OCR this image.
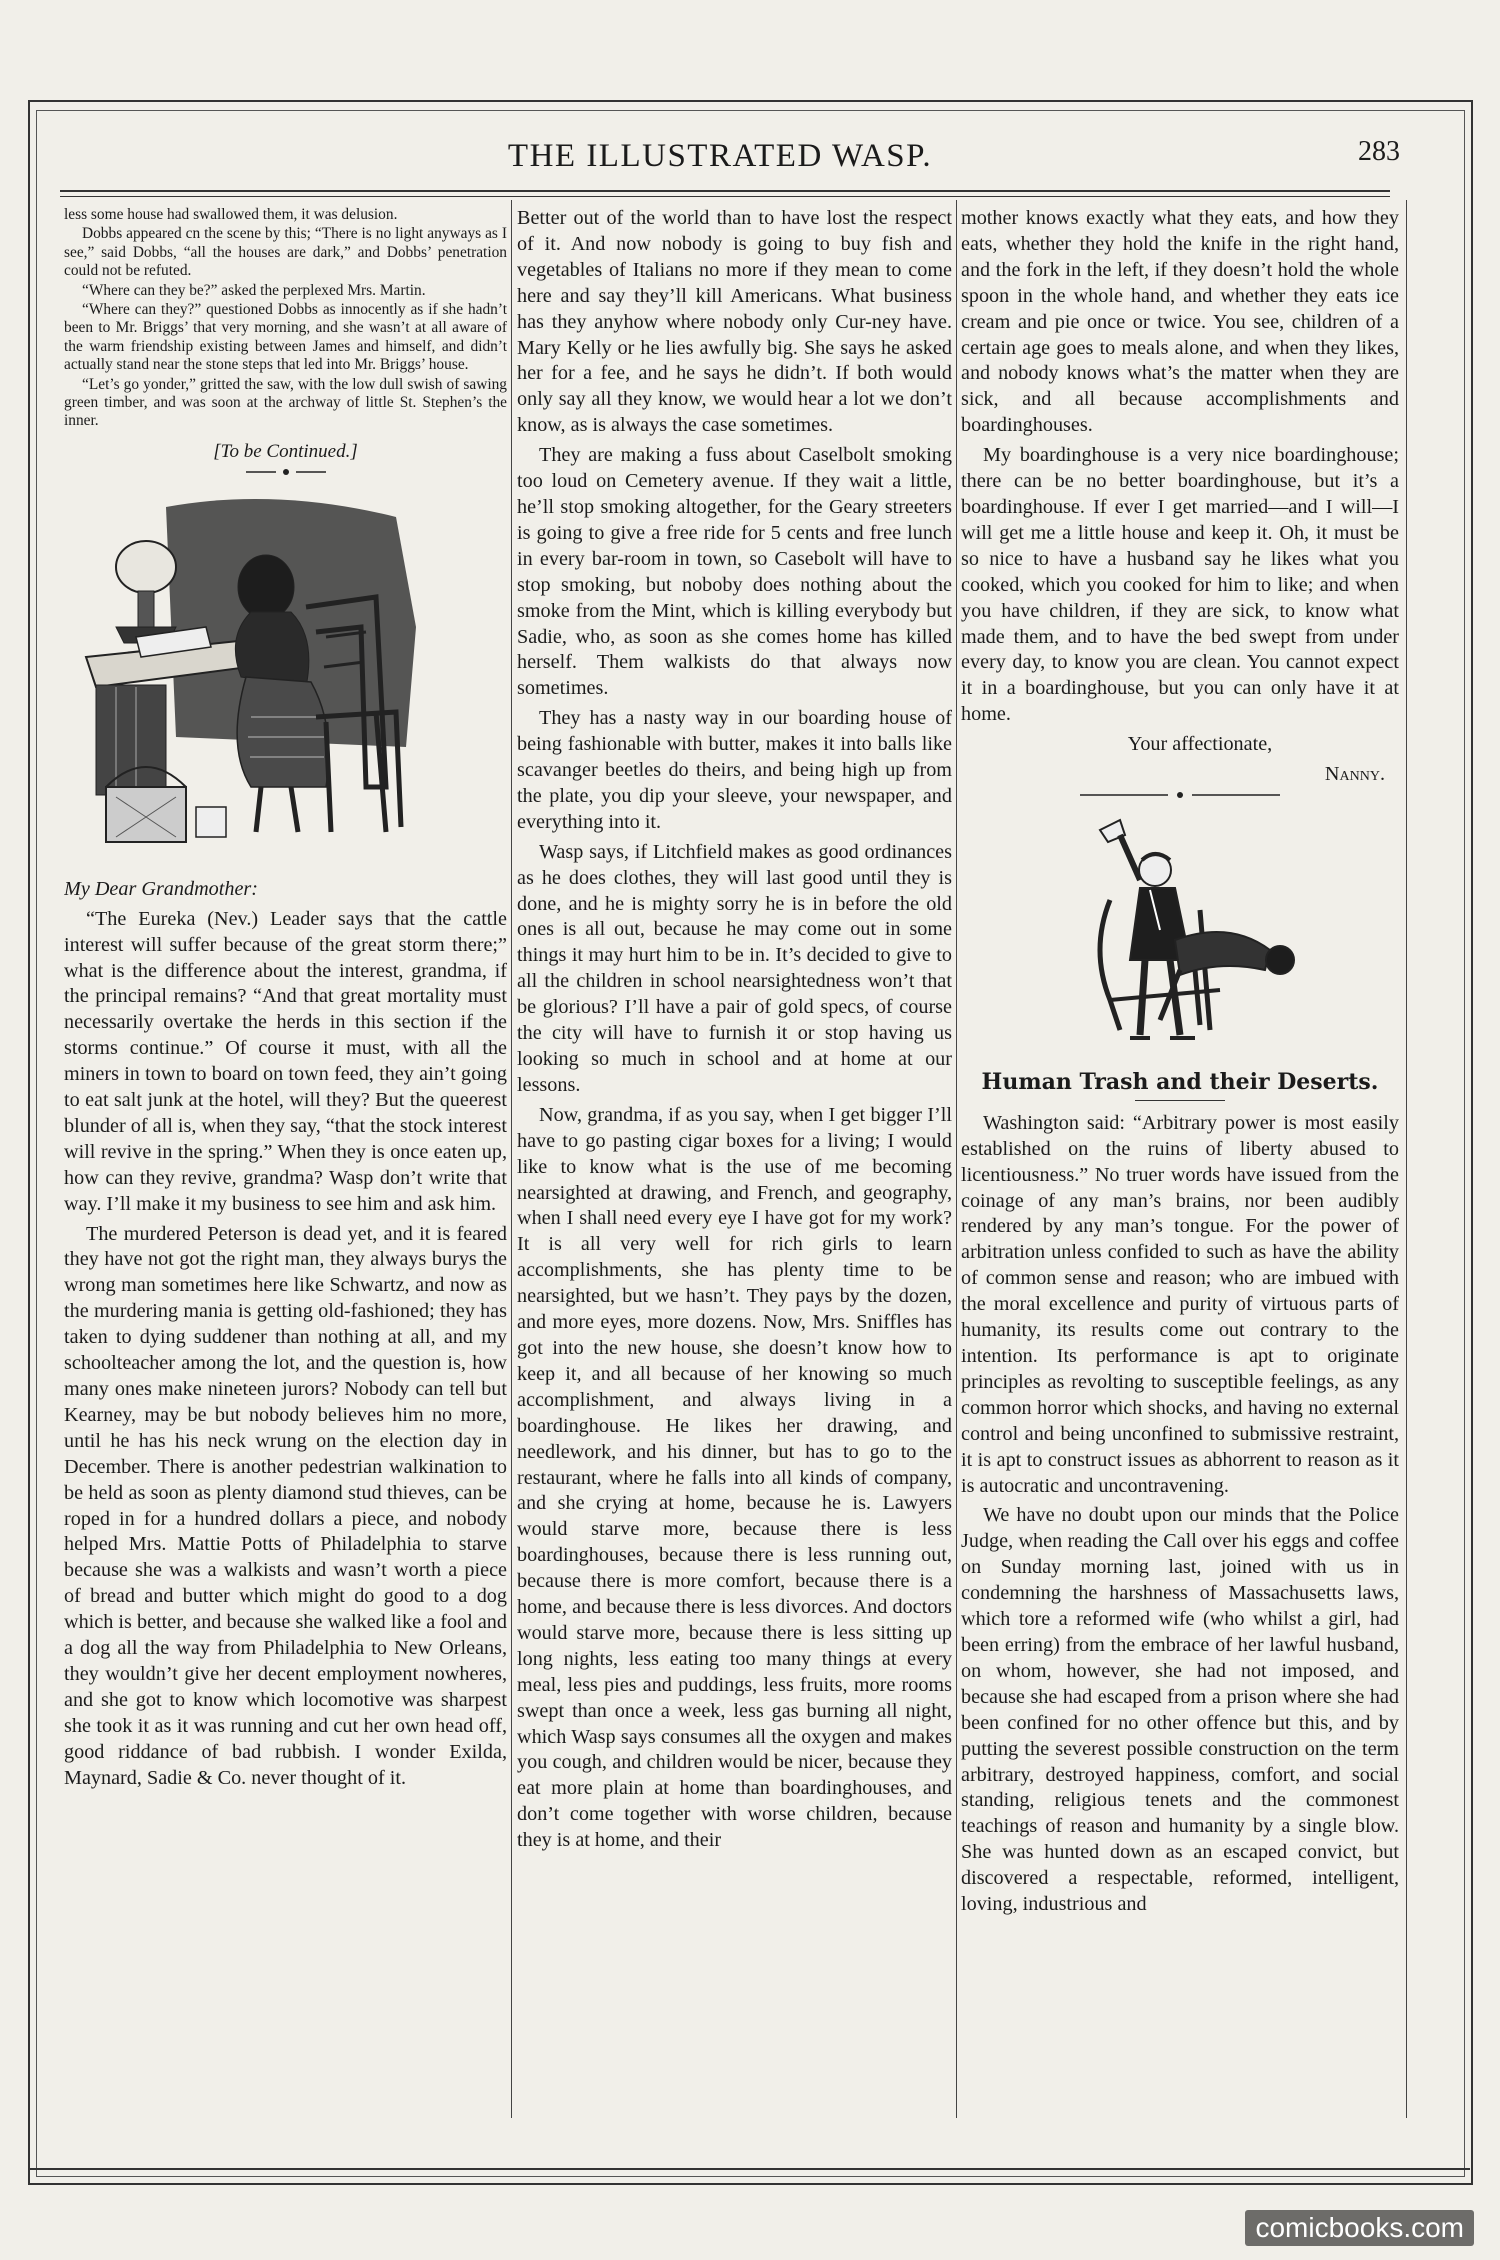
THE ILLUSTRATED WASP.	283

less some house had swallowed them, it was delusion.

Dobbs appeared cn the scene by this; “There is no light anyways as I see,” said Dobbs, “all the houses are dark,” and Dobbs’ penetration could not be refuted.

“Where can they be?” asked the perplexed Mrs. Martin.

“Where can they?” questioned Dobbs as innocently as if she hadn’t been to Mr. Briggs’ that very morning, and she wasn’t at all aware of the warm friendship existing between James and himself, and didn’t actually stand near the stone steps that led into Mr. Briggs’ house.

“Let’s go yonder,” gritted the saw, with the low dull swish of sawing green timber, and was soon at the archway of little St. Stephen’s the inner.

[To be Continued.]

My Dear Grandmother:

“The Eureka (Nev.) Leader says that the cattle interest will suffer because of the great storm there;” what is the difference about the interest, grandma, if the principal remains? “And that great mortality must necessarily overtake the herds in this section if the storms continue.” Of course it must, with all the miners in town to board on town feed, they ain’t going to eat salt junk at the hotel, will they? But the queerest blunder of all is, when they say, “that the stock interest will revive in the spring.” When they is once eaten up, how can they revive, grandma? Wasp don’t write that way. I’ll make it my business to see him and ask him.

The murdered Peterson is dead yet, and it is feared they have not got the right man, they always burys the wrong man sometimes here like Schwartz, and now as the murdering mania is getting old-fashioned; they has taken to dying suddener than nothing at all, and my schoolteacher among the lot, and the question is, how many ones make nineteen jurors? Nobody can tell but Kearney, may be but nobody believes him no more, until he has his neck wrung on the election day in December. There is another pedestrian walkination to be held as soon as plenty diamond stud thieves, can be roped in for a hundred dollars a piece, and nobody helped Mrs. Mattie Potts of Philadelphia to starve because she was a walkists and wasn’t worth a piece of bread and butter which might do good to a dog which is better, and because she walked like a fool and a dog all the way from Philadelphia to New Orleans, they wouldn’t give her decent employment nowheres, and she got to know which locomotive was sharpest she took it as it was running and cut her own head off, good riddance of bad rubbish. I wonder Exilda, Maynard, Sadie & Co. never thought of it.

Better out of the world than to have lost the respect of it. And now nobody is going to buy fish and vegetables of Italians no more if they mean to come here and say they’ll kill Americans. What business has they anyhow where nobody only Cur-ney have. Mary Kelly or he lies awfully big. She says he asked her for a fee, and he says he didn’t. If both would only say all they know, we would hear a lot we don’t know, as is always the case sometimes.

They are making a fuss about Caselbolt smoking too loud on Cemetery avenue. If they wait a little, he’ll stop smoking altogether, for the Geary streeters is going to give a free ride for 5 cents and free lunch in every bar-room in town, so Casebolt will have to stop smoking, but noboby does nothing about the smoke from the Mint, which is killing everybody but Sadie, who, as soon as she comes home has killed herself. Them walkists do that always now sometimes.

They has a nasty way in our boarding house of being fashionable with butter, makes it into balls like scavanger beetles do theirs, and being high up from the plate, you dip your sleeve, your newspaper, and everything into it.

Wasp says, if Litchfield makes as good ordinances as he does clothes, they will last good until they is done, and he is mighty sorry he is in before the old ones is all out, because he may come out in some things it may hurt him to be in. It’s decided to give to all the children in school nearsightedness won’t that be glorious? I’ll have a pair of gold specs, of course the city will have to furnish it or stop having us looking so much in school and at home at our lessons.

Now, grandma, if as you say, when I get bigger I’ll have to go pasting cigar boxes for a living; I would like to know what is the use of me becoming nearsighted at drawing, and French, and geography, when I shall need every eye I have got for my work? It is all very well for rich girls to learn accomplishments, she has plenty time to be nearsighted, but we hasn’t. They pays by the dozen, and more eyes, more dozens. Now, Mrs. Sniffles has got into the new house, she doesn’t know how to keep it, and all because of her knowing so much accomplishment, and always living in a boardinghouse. He likes her drawing, and needlework, and his dinner, but has to go to the restaurant, where he falls into all kinds of company, and she crying at home, because he is. Lawyers would starve more, because there is less boardinghouses, because there is less running out, because there is more comfort, because there is a home, and because there is less divorces. And doctors would starve more, because there is less sitting up long nights, less eating too many things at every meal, less pies and puddings, less fruits, more rooms swept than once a week, less gas burning all night, which Wasp says consumes all the oxygen and makes you cough, and children would be nicer, because they eat more plain at home than boardinghouses, and don’t come together with worse children, because they is at home, and their

mother knows exactly what they eats, and how they eats, whether they hold the knife in the right hand, and the fork in the left, if they doesn’t hold the whole spoon in the whole hand, and whether they eats ice cream and pie once or twice. You see, children of a certain age goes to meals alone, and when they likes, and nobody knows what’s the matter when they are sick, and all because accomplishments and boardinghouses.

My boardinghouse is a very nice boardinghouse; there can be no better boardinghouse, but it’s a boardinghouse. If ever I get married—and I will—I will get me a little house and keep it. Oh, it must be so nice to have a husband say he likes what you cooked, which you cooked for him to like; and when you have children, if they are sick, to know what made them, and to have the bed swept from under every day, to know you are clean. You cannot expect it in a boardinghouse, but you can only have it at home.

Your affectionate,

Nanny.

Human Trash and their Deserts.

Washington said: “Arbitrary power is most easily established on the ruins of liberty abused to licentiousness.” No truer words have issued from the coinage of any man’s brains, nor been audibly rendered by any man’s tongue. For the power of arbitration unless confided to such as have the ability of common sense and reason; who are imbued with the moral excellence and purity of virtuous parts of humanity, its results come out contrary to the intention. Its performance is apt to originate principles as revolting to susceptible feelings, as any common horror which shocks, and having no external control and being unconfined to submissive restraint, it is apt to construct issues as abhorrent to reason as it is autocratic and uncontravening.

We have no doubt upon our minds that the Police Judge, when reading the Call over his eggs and coffee on Sunday morning last, joined with us in condemning the harshness of Massachusetts laws, which tore a reformed wife (who whilst a girl, had been erring) from the embrace of her lawful husband, on whom, however, she had not imposed, and because she had escaped from a prison where she had been confined for no other offence but this, and by putting the severest possible construction on the term arbitrary, destroyed happiness, comfort, and social standing, religious tenets and the commonest teachings of reason and humanity by a single blow. She was hunted down as an escaped convict, but discovered a respectable, reformed, intelligent, loving, industrious and

comicbooks.com
